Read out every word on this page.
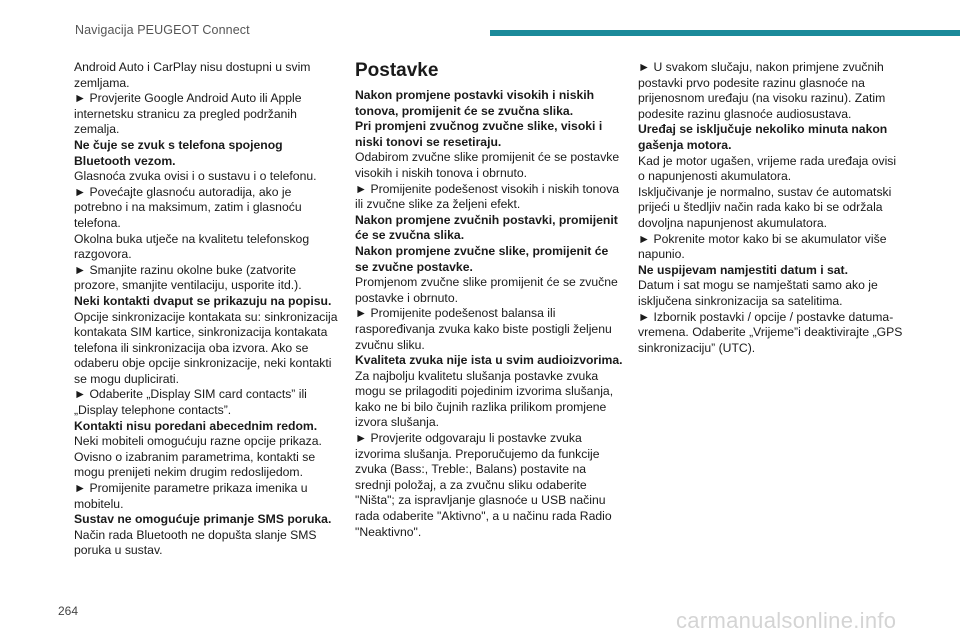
Navigacija PEUGEOT Connect

Android Auto i CarPlay nisu dostupni u svim zemljama.

► Provjerite Google Android Auto ili Apple internetsku stranicu za pregled podržanih zemalja.

Ne čuje se zvuk s telefona spojenog Bluetooth vezom.

Glasnoća zvuka ovisi i o sustavu i o telefonu.

► Povećajte glasnoću autoradija, ako je potrebno i na maksimum, zatim i glasnoću telefona.

Okolna buka utječe na kvalitetu telefonskog razgovora.

► Smanjite razinu okolne buke (zatvorite prozore, smanjite ventilaciju, usporite itd.).

Neki kontakti dvaput se prikazuju na popisu.

Opcije sinkronizacije kontakata su: sinkronizacija kontakata SIM kartice, sinkronizacija kontakata telefona ili sinkronizacija oba izvora. Ako se odaberu obje opcije sinkronizacije, neki kontakti se mogu duplicirati.

► Odaberite „Display SIM card contacts” ili „Display telephone contacts”.

Kontakti nisu poredani abecednim redom.

Neki mobiteli omogućuju razne opcije prikaza. Ovisno o izabranim parametrima, kontakti se mogu prenijeti nekim drugim redoslijedom.

► Promijenite parametre prikaza imenika u mobitelu.

Sustav ne omogućuje primanje SMS poruka.

Način rada Bluetooth ne dopušta slanje SMS poruka u sustav.

Postavke

Nakon promjene postavki visokih i niskih tonova, promijenit će se zvučna slika.

Pri promjeni zvučnog zvučne slike, visoki i niski tonovi se resetiraju.

Odabirom zvučne slike promijenit će se postavke visokih i niskih tonova i obrnuto.

► Promijenite podešenost visokih i niskih tonova ili zvučne slike za željeni efekt.

Nakon promjene zvučnih postavki, promijenit će se zvučna slika.

Nakon promjene zvučne slike, promijenit će se zvučne postavke.

Promjenom zvučne slike promijenit će se zvučne postavke i obrnuto.

► Promijenite podešenost balansa ili raspoređivanja zvuka kako biste postigli željenu zvučnu sliku.

Kvaliteta zvuka nije ista u svim audioizvorima.

Za najbolju kvalitetu slušanja postavke zvuka mogu se prilagoditi pojedinim izvorima slušanja, kako ne bi bilo čujnih razlika prilikom promjene izvora slušanja.

► Provjerite odgovaraju li postavke zvuka izvorima slušanja. Preporučujemo da funkcije zvuka (Bass:, Treble:, Balans) postavite na srednji položaj, a za zvučnu sliku odaberite "Ništa"; za ispravljanje glasnoće u USB načinu rada odaberite "Aktivno", a u načinu rada Radio "Neaktivno".

► U svakom slučaju, nakon primjene zvučnih postavki prvo podesite razinu glasnoće na prijenosnom uređaju (na visoku razinu). Zatim podesite razinu glasnoće audiosustava.

Uređaj se isključuje nekoliko minuta nakon gašenja motora.

Kad je motor ugašen, vrijeme rada uređaja ovisi o napunjenosti akumulatora.

Isključivanje je normalno, sustav će automatski prijeći u štedljiv način rada kako bi se održala dovoljna napunjenost akumulatora.

► Pokrenite motor kako bi se akumulator više napunio.

Ne uspijevam namjestiti datum i sat.

Datum i sat mogu se namještati samo ako je isključena sinkronizacija sa satelitima.

► Izbornik postavki / opcije / postavke datuma-vremena. Odaberite „Vrijeme”i deaktivirajte „GPS sinkronizaciju” (UTC).

264	carmanualsonline.info
